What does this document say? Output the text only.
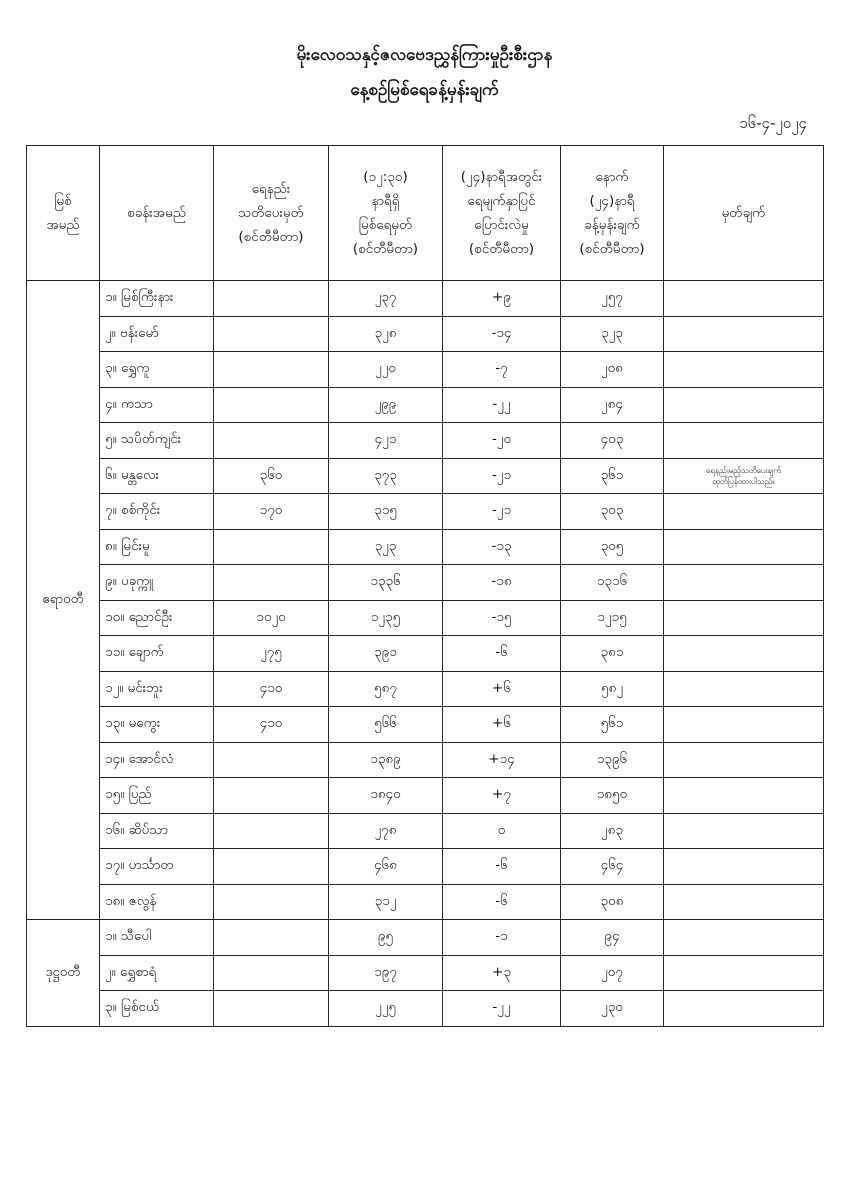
မိုးလေဝသနှင့်ဇလဗေဒညွှန်ကြားမှုဦးစီးဌာန
နေ့စဉ်မြစ်ရေခန့်မှန်းချက်
၁၆-၄-၂၀၂၄
မြစ်
အမည်	စခန်းအမည်	ရေနည်း
သတိပေးမှတ်
(စင်တီမီတာ)	(၁၂:၃၀)
နာရီရှိ
မြစ်ရေမှတ်
(စင်တီမီတာ)	(၂၄)နာရီအတွင်း
ရေမျက်နှာပြင်
ပြောင်းလဲမှု
(စင်တီမီတာ)	နောက်
(၂၄)နာရီ
ခန့်မှန်းချက်
(စင်တီမီတာ)	မှတ်ချက်

ဧရာဝတီ	၁။ မြစ်ကြီးနား		၂၃၇	+၉	၂၅၇	
	၂။ ဗန်းမော်		၃၂၈	-၁၄	၃၂၃	
	၃။ ရွှေကူ		၂၂၀	-၇	၂၀၈	
	၄။ ကသာ		၂၉၉	-၂၂	၂၈၄	
	၅။ သပိတ်ကျင်း		၄၂၁	-၂၀	၄၀၃	
	၆။ မန္တလေး	၃၆၀	၃၇၃	-၂၁	၃၆၁	ရေနည်းမည့်သတိပေးချက်
ထုတ်ပြန်ထားပါသည်။

	၇။ စစ်ကိုင်း	၁၇၀	၃၁၅	-၂၁	၃၀၃	
	၈။ မြင်းမူ		၃၂၃	-၁၃	၃၀၅	
	၉။ ပခုက္ကူ		၁၃၃၆	-၁၈	၁၃၁၆	
	၁၀။ ညောင်ဦး	၁၀၂၀	၁၂၃၅	-၁၅	၁၂၁၅	
	၁၁။ ချောက်	၂၇၅	၃၉၁	-၆	၃၈၁	
	၁၂။ မင်းဘူး	၄၁၀	၅၈၇	+၆	၅၈၂	
	၁၃။ မကွေး	၄၁၀	၅၆၆	+၆	၅၆၁	
	၁၄။ အောင်လံ		၁၃၈၉	+၁၄	၁၃၉၆	
	၁၅။ ပြည်		၁၈၄၀	+၇	၁၈၅၀	
	၁၆။ ဆိပ်သာ		၂၇၈	၀	၂၈၃	
	၁၇။ ဟင်္သာတ		၄၆၈	-၆	၄၆၄	
	၁၈။ ဇလွန်		၃၁၂	-၆	၃၀၈	
ဒုဋ္ဌဝတီ	၁။ သီပေါ		၉၅	-၁	၉၄	
	၂။ ရွှေစာရံ		၁၉၇	+၃	၂၀၇	
	၃။ မြစ်ငယ်		၂၂၅	-၂၂	၂၃၀	
